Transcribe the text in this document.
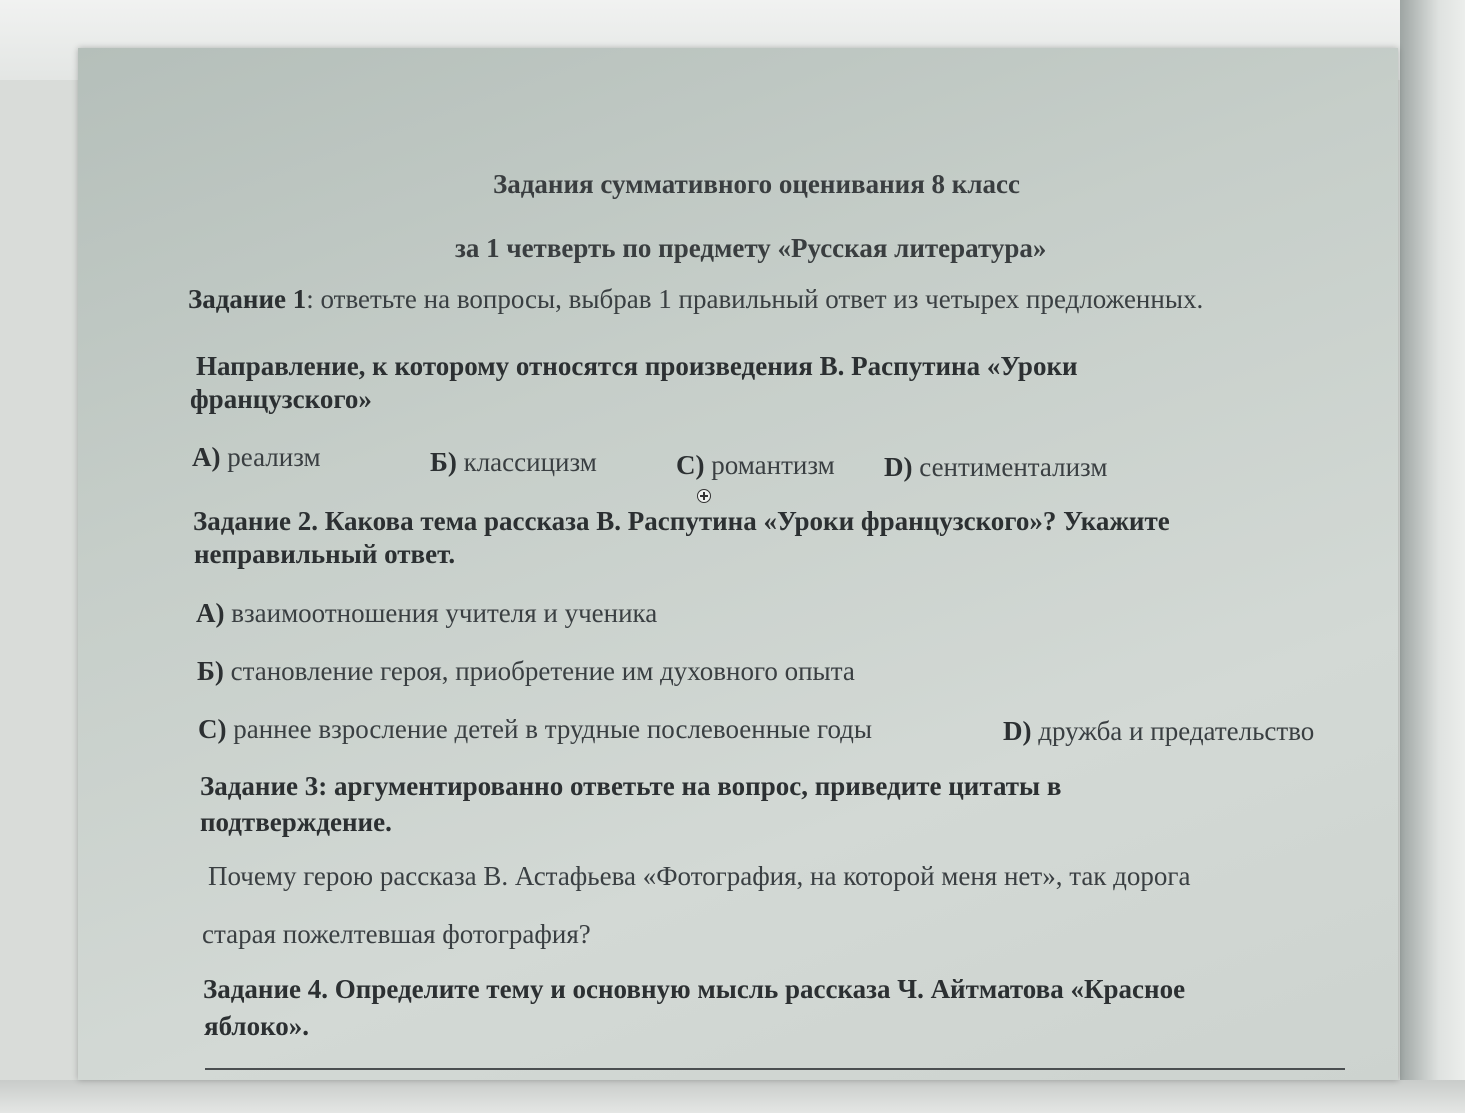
Задания суммативного оценивания 8 класс
за 1 четверть по предмету «Русская литература»
Задание 1: ответьте на вопросы, выбрав 1 правильный ответ из четырех предложенных.
Направление, к которому относятся произведения В. Распутина «Уроки
французского»
А) реализм	Б) классицизм	С) романтизм D) сентиментализм
Задание 2. Какова тема рассказа В. Распутина «Уроки французского»? Укажите
неправильный ответ.
А) взаимоотношения учителя и ученика
Б) становление героя, приобретение им духовного опыта
С) раннее взросление детей в трудные послевоенные годы	D) дружба и предательство
Задание 3: аргументированно ответьте на вопрос, приведите цитаты в
подтверждение.
Почему герою рассказа В. Астафьева «Фотография, на которой меня нет», так дорога
старая пожелтевшая фотография?
Задание 4. Определите тему и основную мысль рассказа Ч. Айтматова «Красное
яблоко».
